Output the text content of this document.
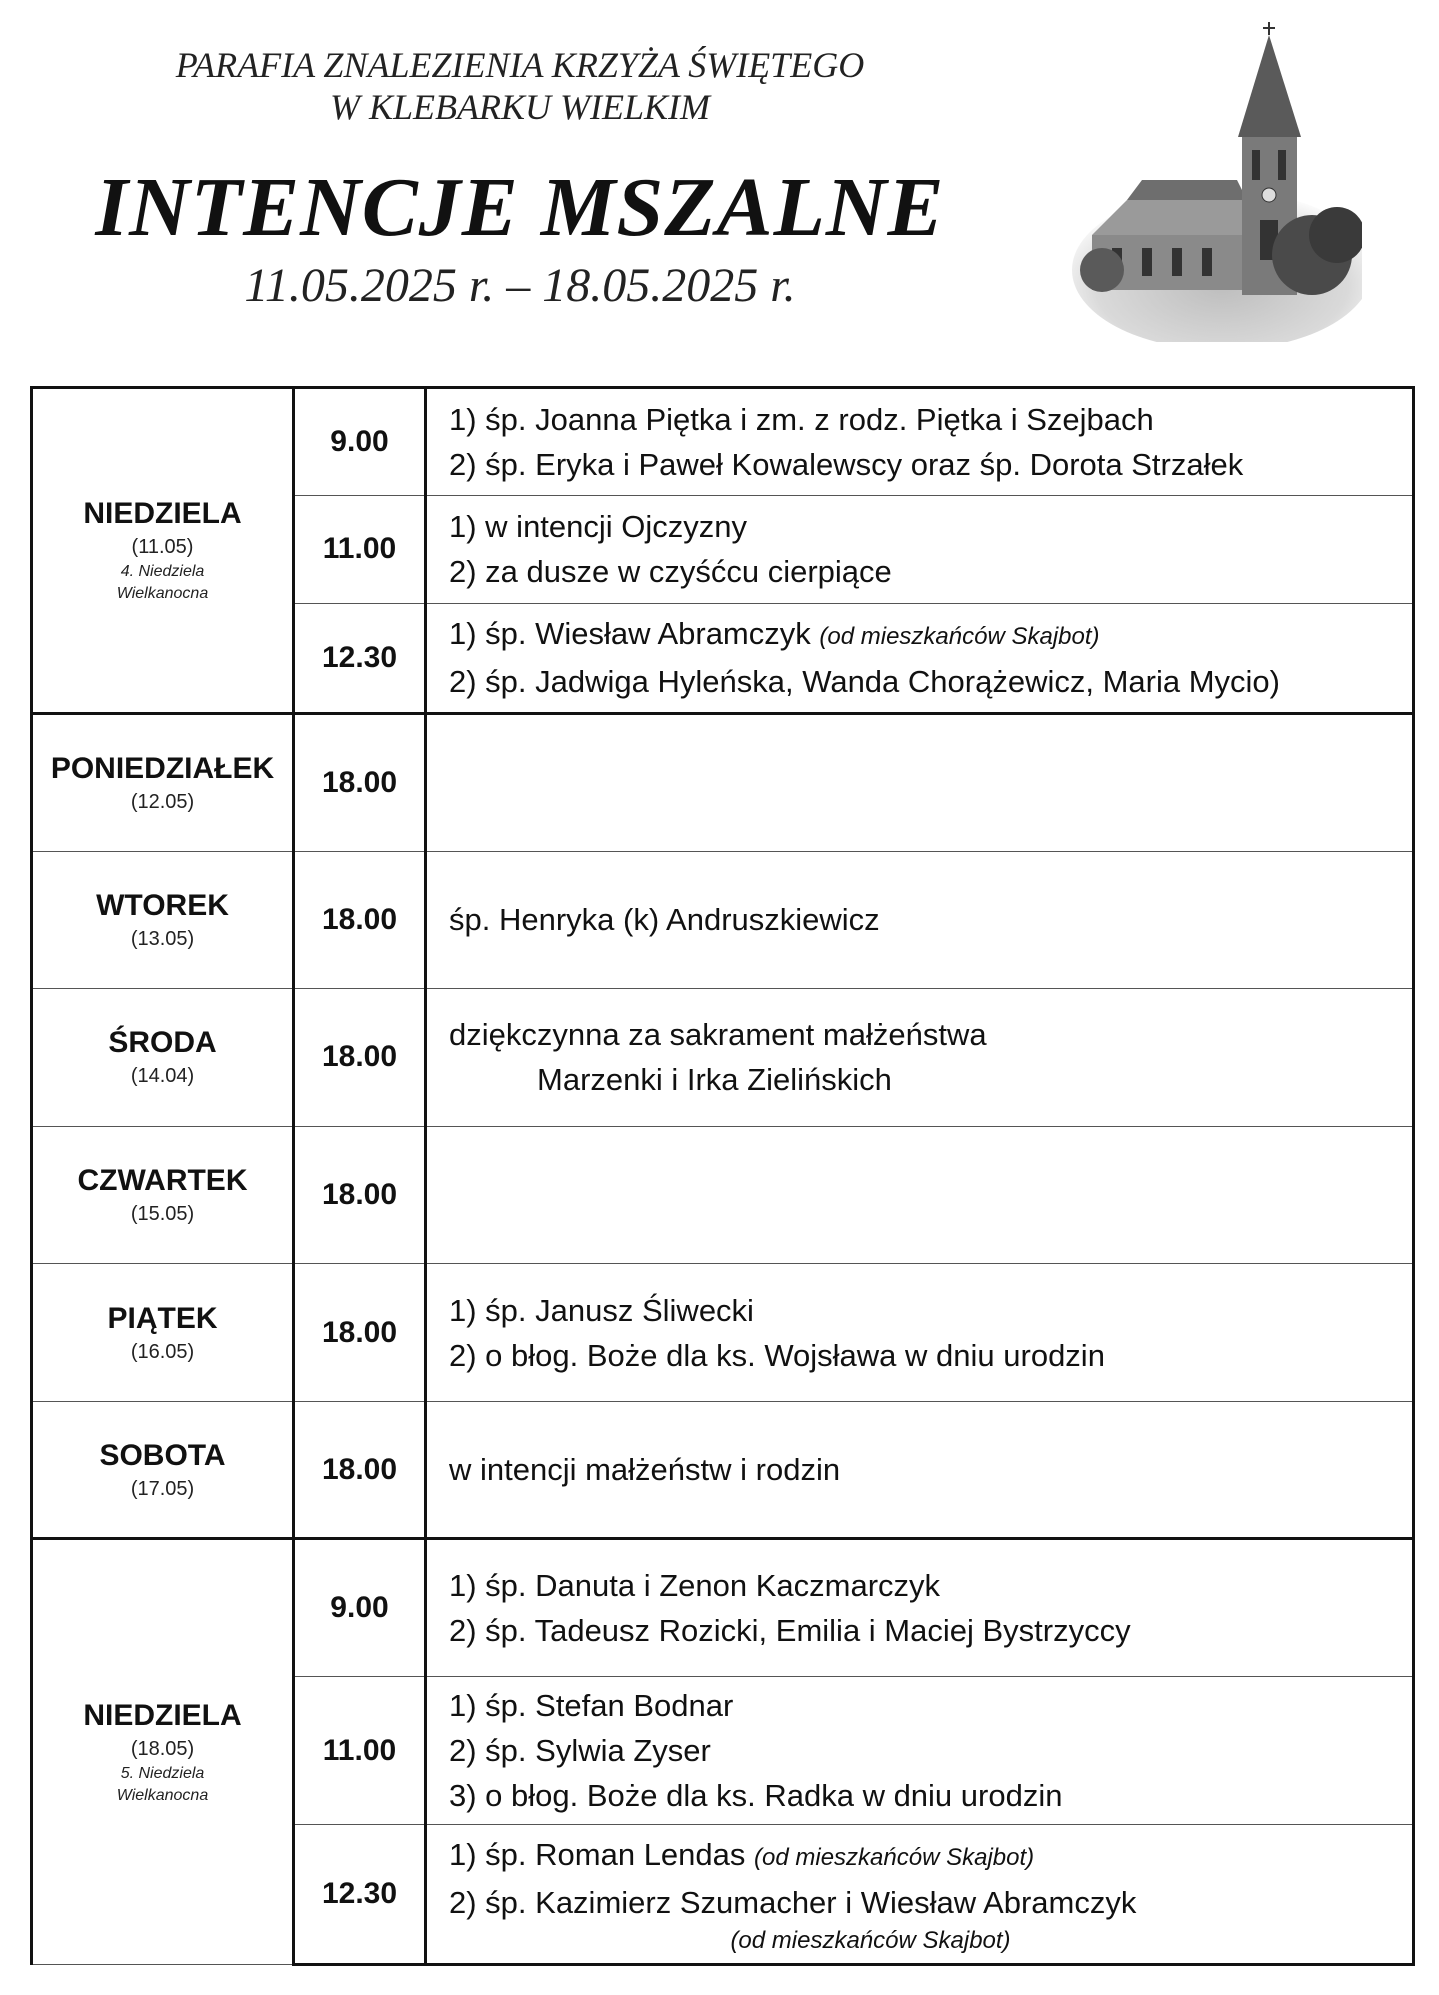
PARAFIA ZNALEZIENIA KRZYŻA ŚWIĘTEGO
W KLEBARKU WIELKIM
INTENCJE MSZALNE
11.05.2025 r. – 18.05.2025 r.
NIEDZIELA
(11.05)
4. Niedziela
Wielkanocna	9.00	1) śp. Joanna Piętka i zm. z rodz. Piętka i Szejbach
2) śp. Eryka i Paweł Kowalewscy oraz śp. Dorota Strzałek

	11.00	1) w intencji Ojczyzny
2) za dusze w czyśćcu cierpiące

	12.30	1) śp. Wiesław Abramczyk (od mieszkańców Skajbot)
2) śp. Jadwiga Hyleńska, Wanda Chorążewicz, Maria Mycio)

PONIEDZIAŁEK
(12.05)	18.00	

WTOREK
(13.05)	18.00	śp. Henryka (k) Andruszkiewicz

ŚRODA
(14.04)	18.00	dziękczynna za sakrament małżeństwa
Marzenki i Irka Zielińskich

CZWARTEK
(15.05)	18.00	

PIĄTEK
(16.05)	18.00	1) śp. Janusz Śliwecki
2) o błog. Boże dla ks. Wojsława w dniu urodzin

SOBOTA
(17.05)	18.00	w intencji małżeństw i rodzin

NIEDZIELA
(18.05)
5. Niedziela
Wielkanocna	9.00	1) śp. Danuta i Zenon Kaczmarczyk
2) śp. Tadeusz Rozicki, Emilia i Maciej Bystrzyccy

	11.00	1) śp. Stefan Bodnar
2) śp. Sylwia Zyser
3) o błog. Boże dla ks. Radka w dniu urodzin

	12.30	1) śp. Roman Lendas (od mieszkańców Skajbot)
2) śp. Kazimierz Szumacher i Wiesław Abramczyk
(od mieszkańców Skajbot)
